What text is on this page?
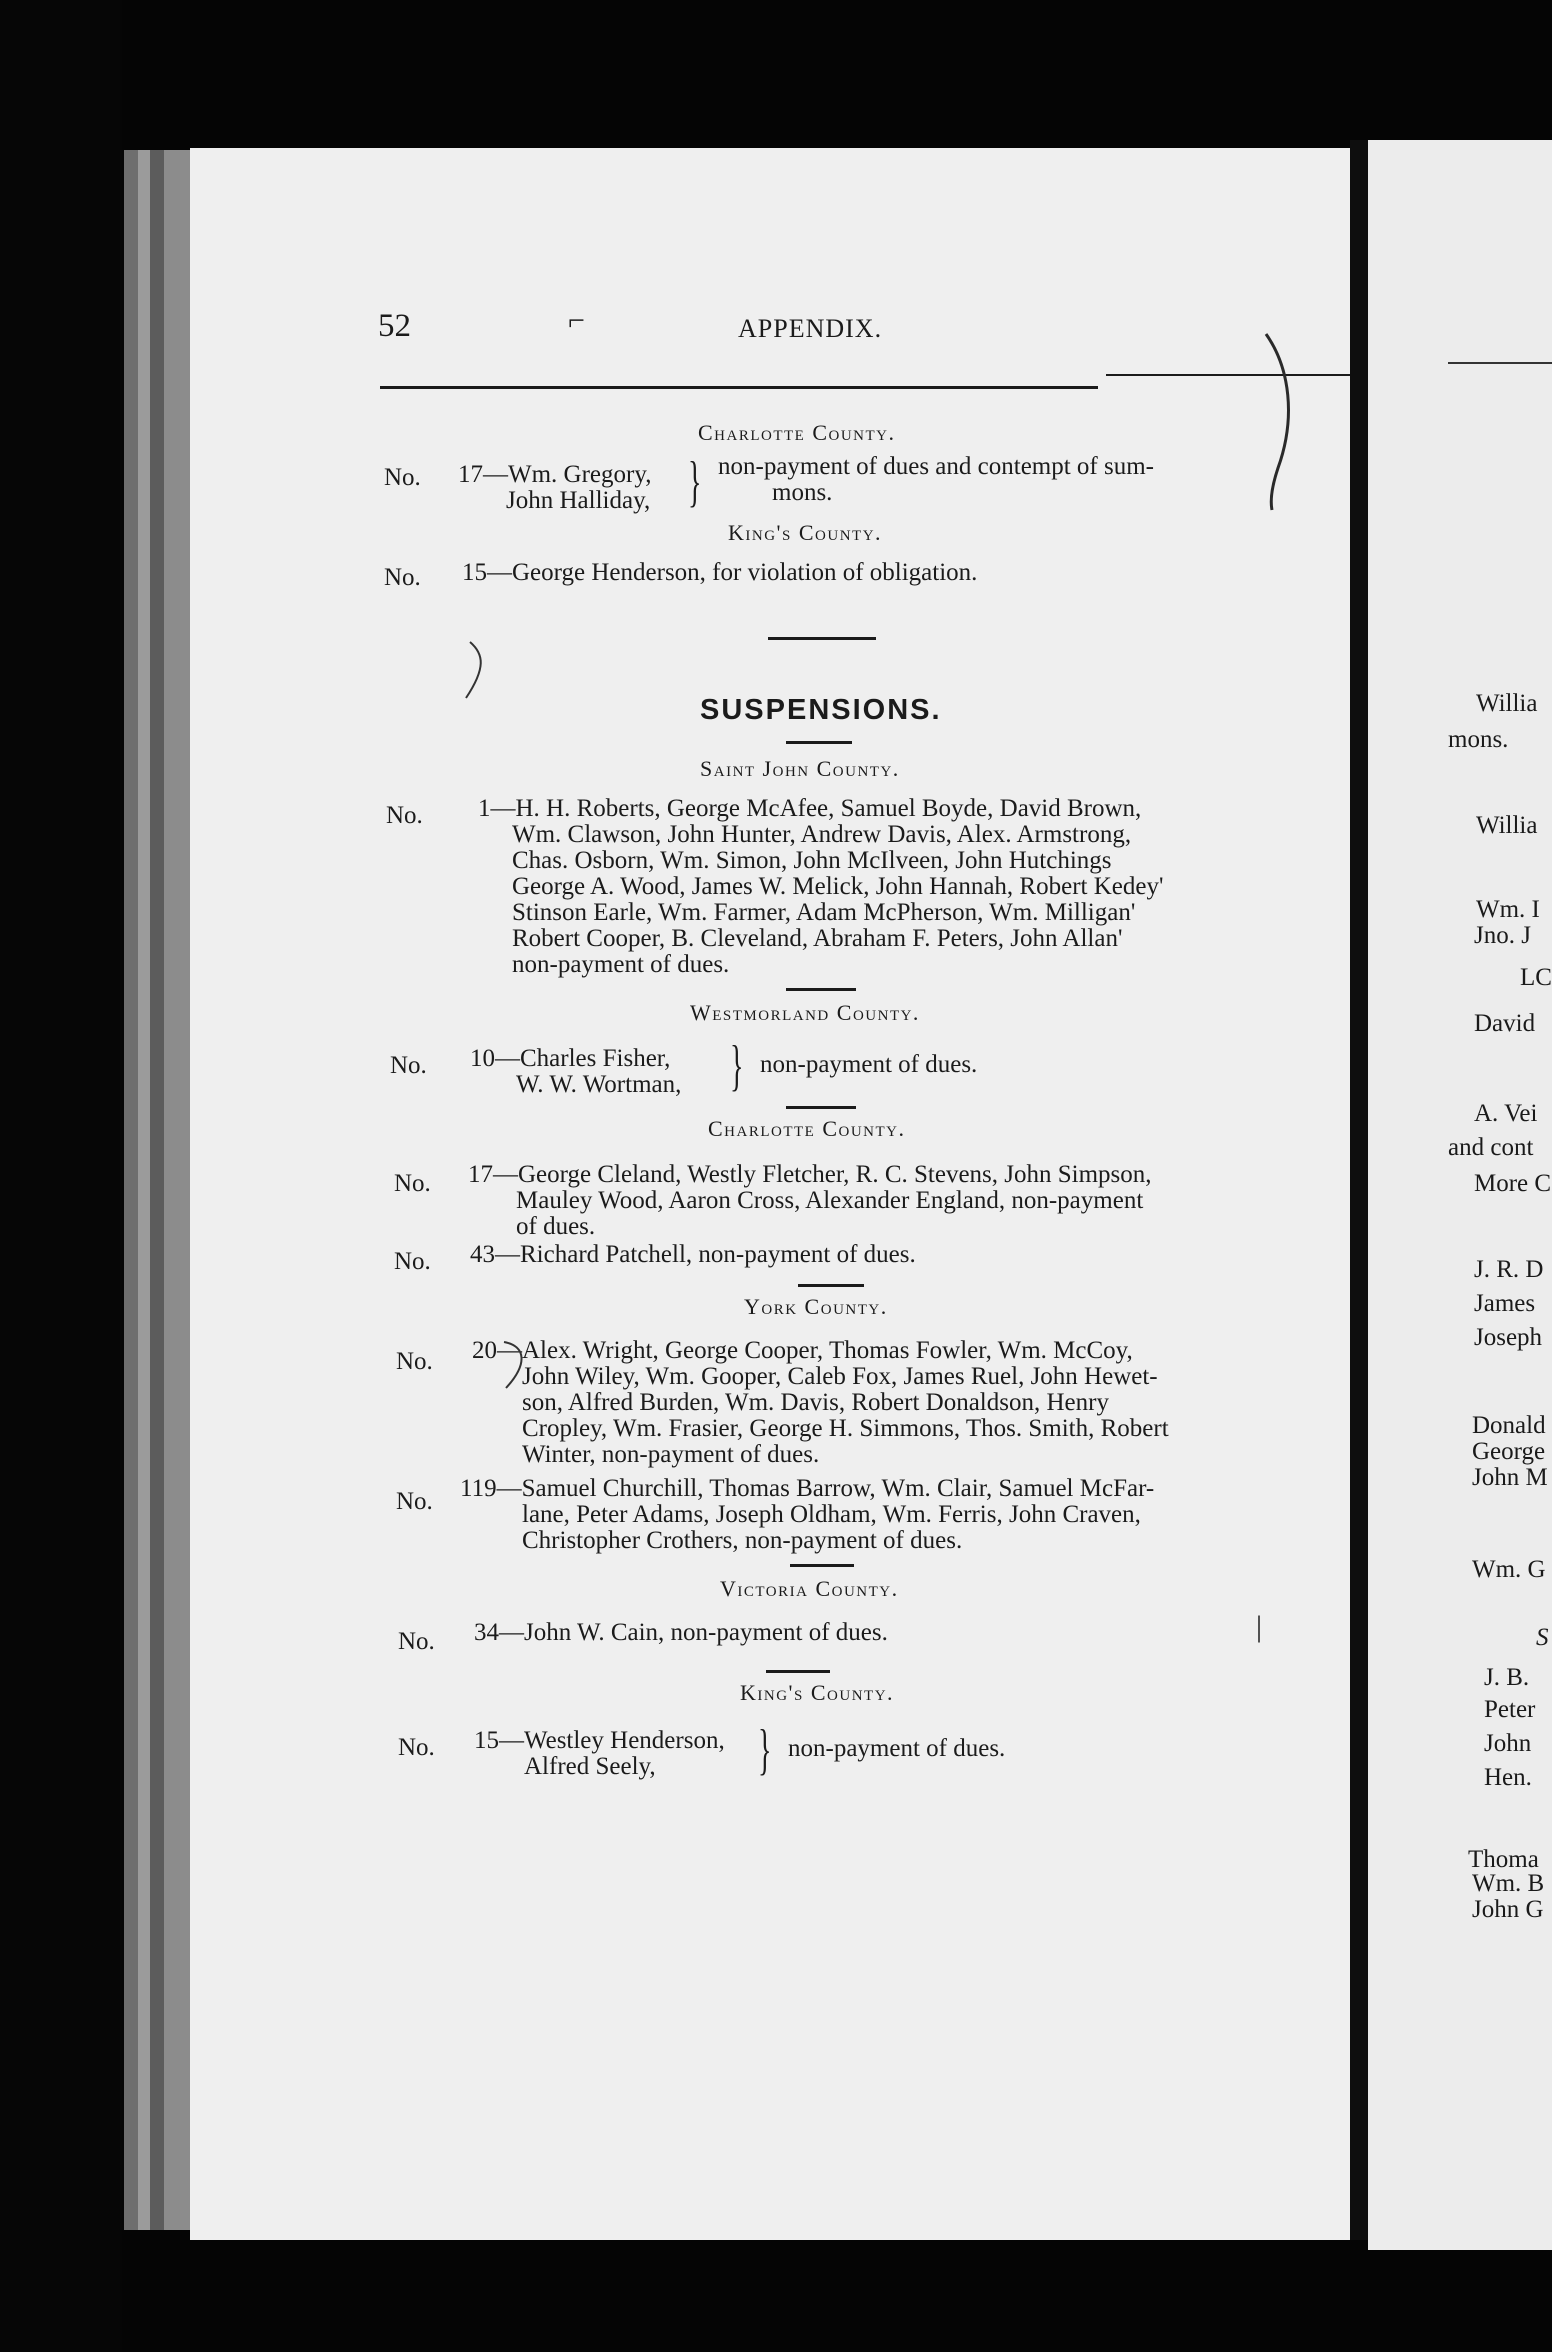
52	APPENDIX.
⌐
Charlotte County.
No. 17—Wm. Gregory,
John Halliday, } non-payment of dues and contempt of sum-
mons.
King's County.
No. 15—George Henderson, for violation of obligation.
SUSPENSIONS.
Saint John County.
No. 1—H. H. Roberts, George McAfee, Samuel Boyde, David Brown,
Wm. Clawson, John Hunter, Andrew Davis, Alex. Armstrong,
Chas. Osborn, Wm. Simon, John McIlveen, John Hutchings
George A. Wood, James W. Melick, John Hannah, Robert Kedey'
Stinson Earle, Wm. Farmer, Adam McPherson, Wm. Milligan'
Robert Cooper, B. Cleveland, Abraham F. Peters, John Allan'
non-payment of dues.
Westmorland County.
No. 10—Charles Fisher,
W. W. Wortman, } non-payment of dues.
Charlotte County.
No. 17—George Cleland, Westly Fletcher, R. C. Stevens, John Simpson,
Mauley Wood, Aaron Cross, Alexander England, non-payment
of dues.
No. 43—Richard Patchell, non-payment of dues.
York County.
No. 20—Alex. Wright, George Cooper, Thomas Fowler, Wm. McCoy,
John Wiley, Wm. Gooper, Caleb Fox, James Ruel, John Hewet-
son, Alfred Burden, Wm. Davis, Robert Donaldson, Henry
Cropley, Wm. Frasier, George H. Simmons, Thos. Smith, Robert
Winter, non-payment of dues.
No. 119—Samuel Churchill, Thomas Barrow, Wm. Clair, Samuel McFar-
lane, Peter Adams, Joseph Oldham, Wm. Ferris, John Craven,
Christopher Crothers, non-payment of dues.
Victoria County.
No. 34—John W. Cain, non-payment of dues.
King's County.
No. 15—Westley Henderson,
Alfred Seely, } non-payment of dues.
|
Willia
mons.
Willia
Wm. I
Jno. J
LC
David
A. Vei
and cont
More C
J. R. D
James
Joseph
Donald
George
John M
Wm. G
S
J. B.
Peter
John
Hen.
Thoma
Wm. B
John G
